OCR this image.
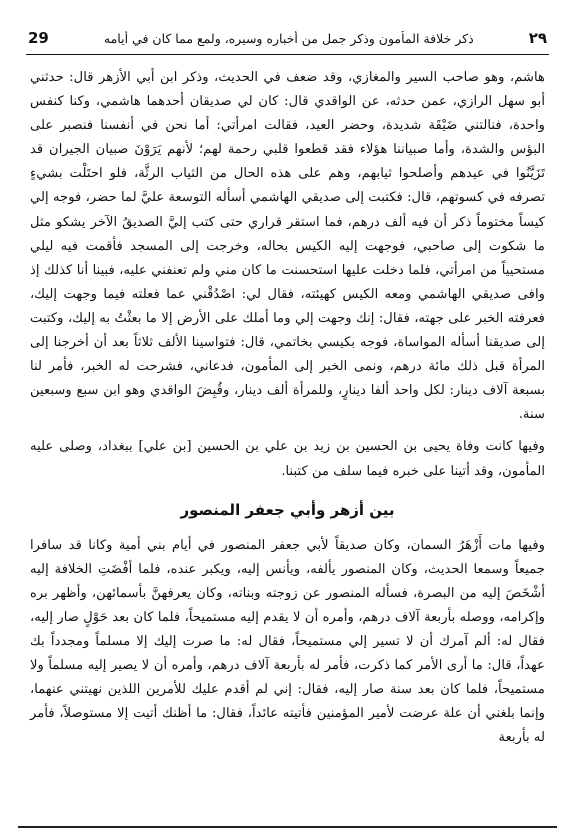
29	ذكر خلافة المأمون وذكر جمل من أخباره وسيره، ولمع مما كان في أيامه	٢٩

هاشم، وهو صاحب السير والمغازي، وقد ضعف في الحديث، وذكر ابن أبي الأزهر قال: حدثني أبو سهل الرازي، عمن حدثه، عن الواقدي قال: كان لي صديقان أحدهما هاشمي، وكنا كنفس واحدة، فنالتني ضَيْقَة شديدة، وحضر العيد، فقالت امرأتي: أما نحن في أنفسنا فنصبر على البؤس والشدة، وأما صبياننا هؤلاء فقد قطعوا قلبي رحمة لهم؛ لأنهم يَرَوْنَ صبيان الجيران قد تَزَيَّنُوا في عيدهم وأصلحوا ثيابهم، وهم على هذه الحال من الثياب الرثَّة، فلو احتَلْت بشيءٍ تصرفه في كسوتهم، قال: فكتبت إلى صديقي الهاشمي أسأله التوسعة عليَّ لما حضر، فوجه إلي كيساً مختوماً ذكر أن فيه ألف درهم، فما استقر قراري حتى كتب إليَّ الصديقُ الآخر يشكو مثل ما شكوت إلى صاحبي، فوجهت إليه الكيس بحاله، وخرجت إلى المسجد فأقمت فيه ليلي مستحيياً من امرأتي، فلما دخلت عليها استحسنت ما كان مني ولم تعنفني عليه، فبينا أنا كذلك إذ وافى صديقي الهاشمي ومعه الكيس كهيئته، فقال لي: اصْدُقْني عما فعلته فيما وجهت إليك، فعرفته الخبر على جهته، فقال: إنك وجهت إلي وما أملك على الأرض إلا ما بعثْتُ به إليك، وكتبت إلى صديقنا أسأله المواساة، فوجه بكيسي بخاتمي، قال: فتواسينا الألف ثلاثاً بعد أن أخرجنا إلى المرأة قبل ذلك مائة درهم، ونمى الخبر إلى المأمون، فدعاني، فشرحت له الخبر، فأمر لنا بسبعة آلاف دينار: لكل واحد ألفا دينارٍ، وللمرأة ألف دينار، وقُبِضَ الواقدي وهو ابن سبع وسبعين سنة.

وفيها كانت وفاة يحيى بن الحسين بن زيد بن علي بن الحسين [بن علي] ببغداد، وصلى عليه المأمون، وقد أتينا على خبره فيما سلف من كتبنا.

بين أزهر وأبي جعفر المنصور

وفيها مات أَزْهَرُ السمان، وكان صديقاً لأبي جعفر المنصور في أيام بني أمية وكانا قد سافرا جميعاً وسمعا الحديث، وكان المنصور يألفه، ويأنس إليه، ويكبر عنده، فلما أفْضَتِ الخلافة إليه أشْخَصَ إليه من البصرة، فسأله المنصور عن زوجته وبناته، وكان يعرفهنَّ بأسمائهن، وأظهر بره وإكرامه، ووصله بأربعة آلاف درهم، وأمره أن لا يقدم إليه مستميحاً، فلما كان بعد حَوْلٍ صار إليه، فقال له: ألم آمرك أن لا تسير إلي مستميحاً، فقال له: ما صرت إليك إلا مسلماً ومجدداً بك عهداً، قال: ما أرى الأمر كما ذكرت، فأمر له بأربعة آلاف درهم، وأمره أن لا يصير إليه مسلماً ولا مستميحاً، فلما كان بعد سنة صار إليه، فقال: إني لم أقدم عليك للأمرين اللذين نهيتني عنهما، وإنما بلغني أن علة عرضت لأمير المؤمنين فأتيته عائداً، فقال: ما أظنك أتيت إلا مستوصلاً، فأمر له بأربعة
